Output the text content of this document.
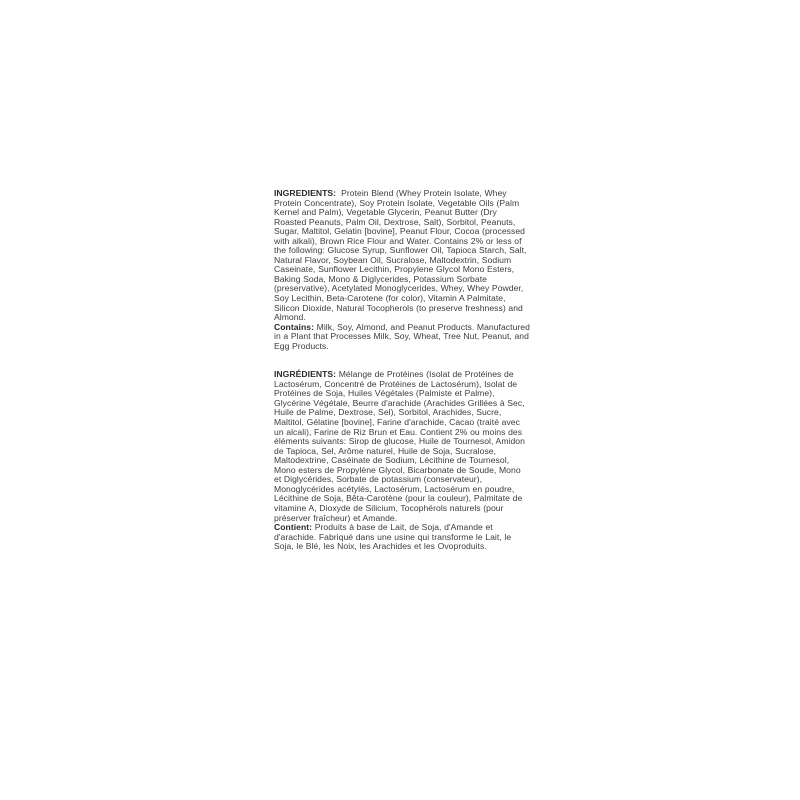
INGREDIENTS: Protein Blend (Whey Protein Isolate, Whey Protein Concentrate), Soy Protein Isolate, Vegetable Oils (Palm Kernel and Palm), Vegetable Glycerin, Peanut Butter (Dry Roasted Peanuts, Palm Oil, Dextrose, Salt), Sorbitol, Peanuts, Sugar, Maltitol, Gelatin [bovine], Peanut Flour, Cocoa (processed with alkali), Brown Rice Flour and Water. Contains 2% or less of the following: Glucose Syrup, Sunflower Oil, Tapioca Starch, Salt, Natural Flavor, Soybean Oil, Sucralose, Maltodextrin, Sodium Caseinate, Sunflower Lecithin, Propylene Glycol Mono Esters, Baking Soda, Mono & Diglycerides, Potassium Sorbate (preservative), Acetylated Monoglycerides, Whey, Whey Powder, Soy Lecithin, Beta-Carotene (for color), Vitamin A Palmitate, Silicon Dioxide, Natural Tocopherols (to preserve freshness) and Almond.

Contains: Milk, Soy, Almond, and Peanut Products. Manufactured in a Plant that Processes Milk, Soy, Wheat, Tree Nut, Peanut, and Egg Products.

INGRÉDIENTS: Mélange de Protéines (Isolat de Protéines de Lactosérum, Concentré de Protéines de Lactosérum), Isolat de Protéines de Soja, Huiles Végétales (Palmiste et Palme), Glycérine Végétale, Beurre d'arachide (Arachides Grillées à Sec, Huile de Palme, Dextrose, Sel), Sorbitol, Arachides, Sucre, Maltitol, Gélatine [bovine], Farine d'arachide, Cacao (traité avec un alcali), Farine de Riz Brun et Eau. Contient 2% ou moins des éléments suivants: Sirop de glucose, Huile de Tournesol, Amidon de Tapioca, Sel, Arôme naturel, Huile de Soja, Sucralose, Maltodextrine, Caséinate de Sodium, Lécithine de Tournesol, Mono esters de Propylène Glycol, Bicarbonate de Soude, Mono et Diglycérides, Sorbate de potassium (conservateur), Monoglycérides acétylés, Lactosérum, Lactosérum en poudre, Lécithine de Soja, Bêta-Carotène (pour la couleur), Palmitate de vitamine A, Dioxyde de Silicium, Tocophérols naturels (pour préserver fraîcheur) et Amande.

Contient: Produits à base de Lait, de Soja, d'Amande et d'arachide. Fabriqué dans une usine qui transforme le Lait, le Soja, le Blé, les Noix, les Arachides et les Ovoproduits.
